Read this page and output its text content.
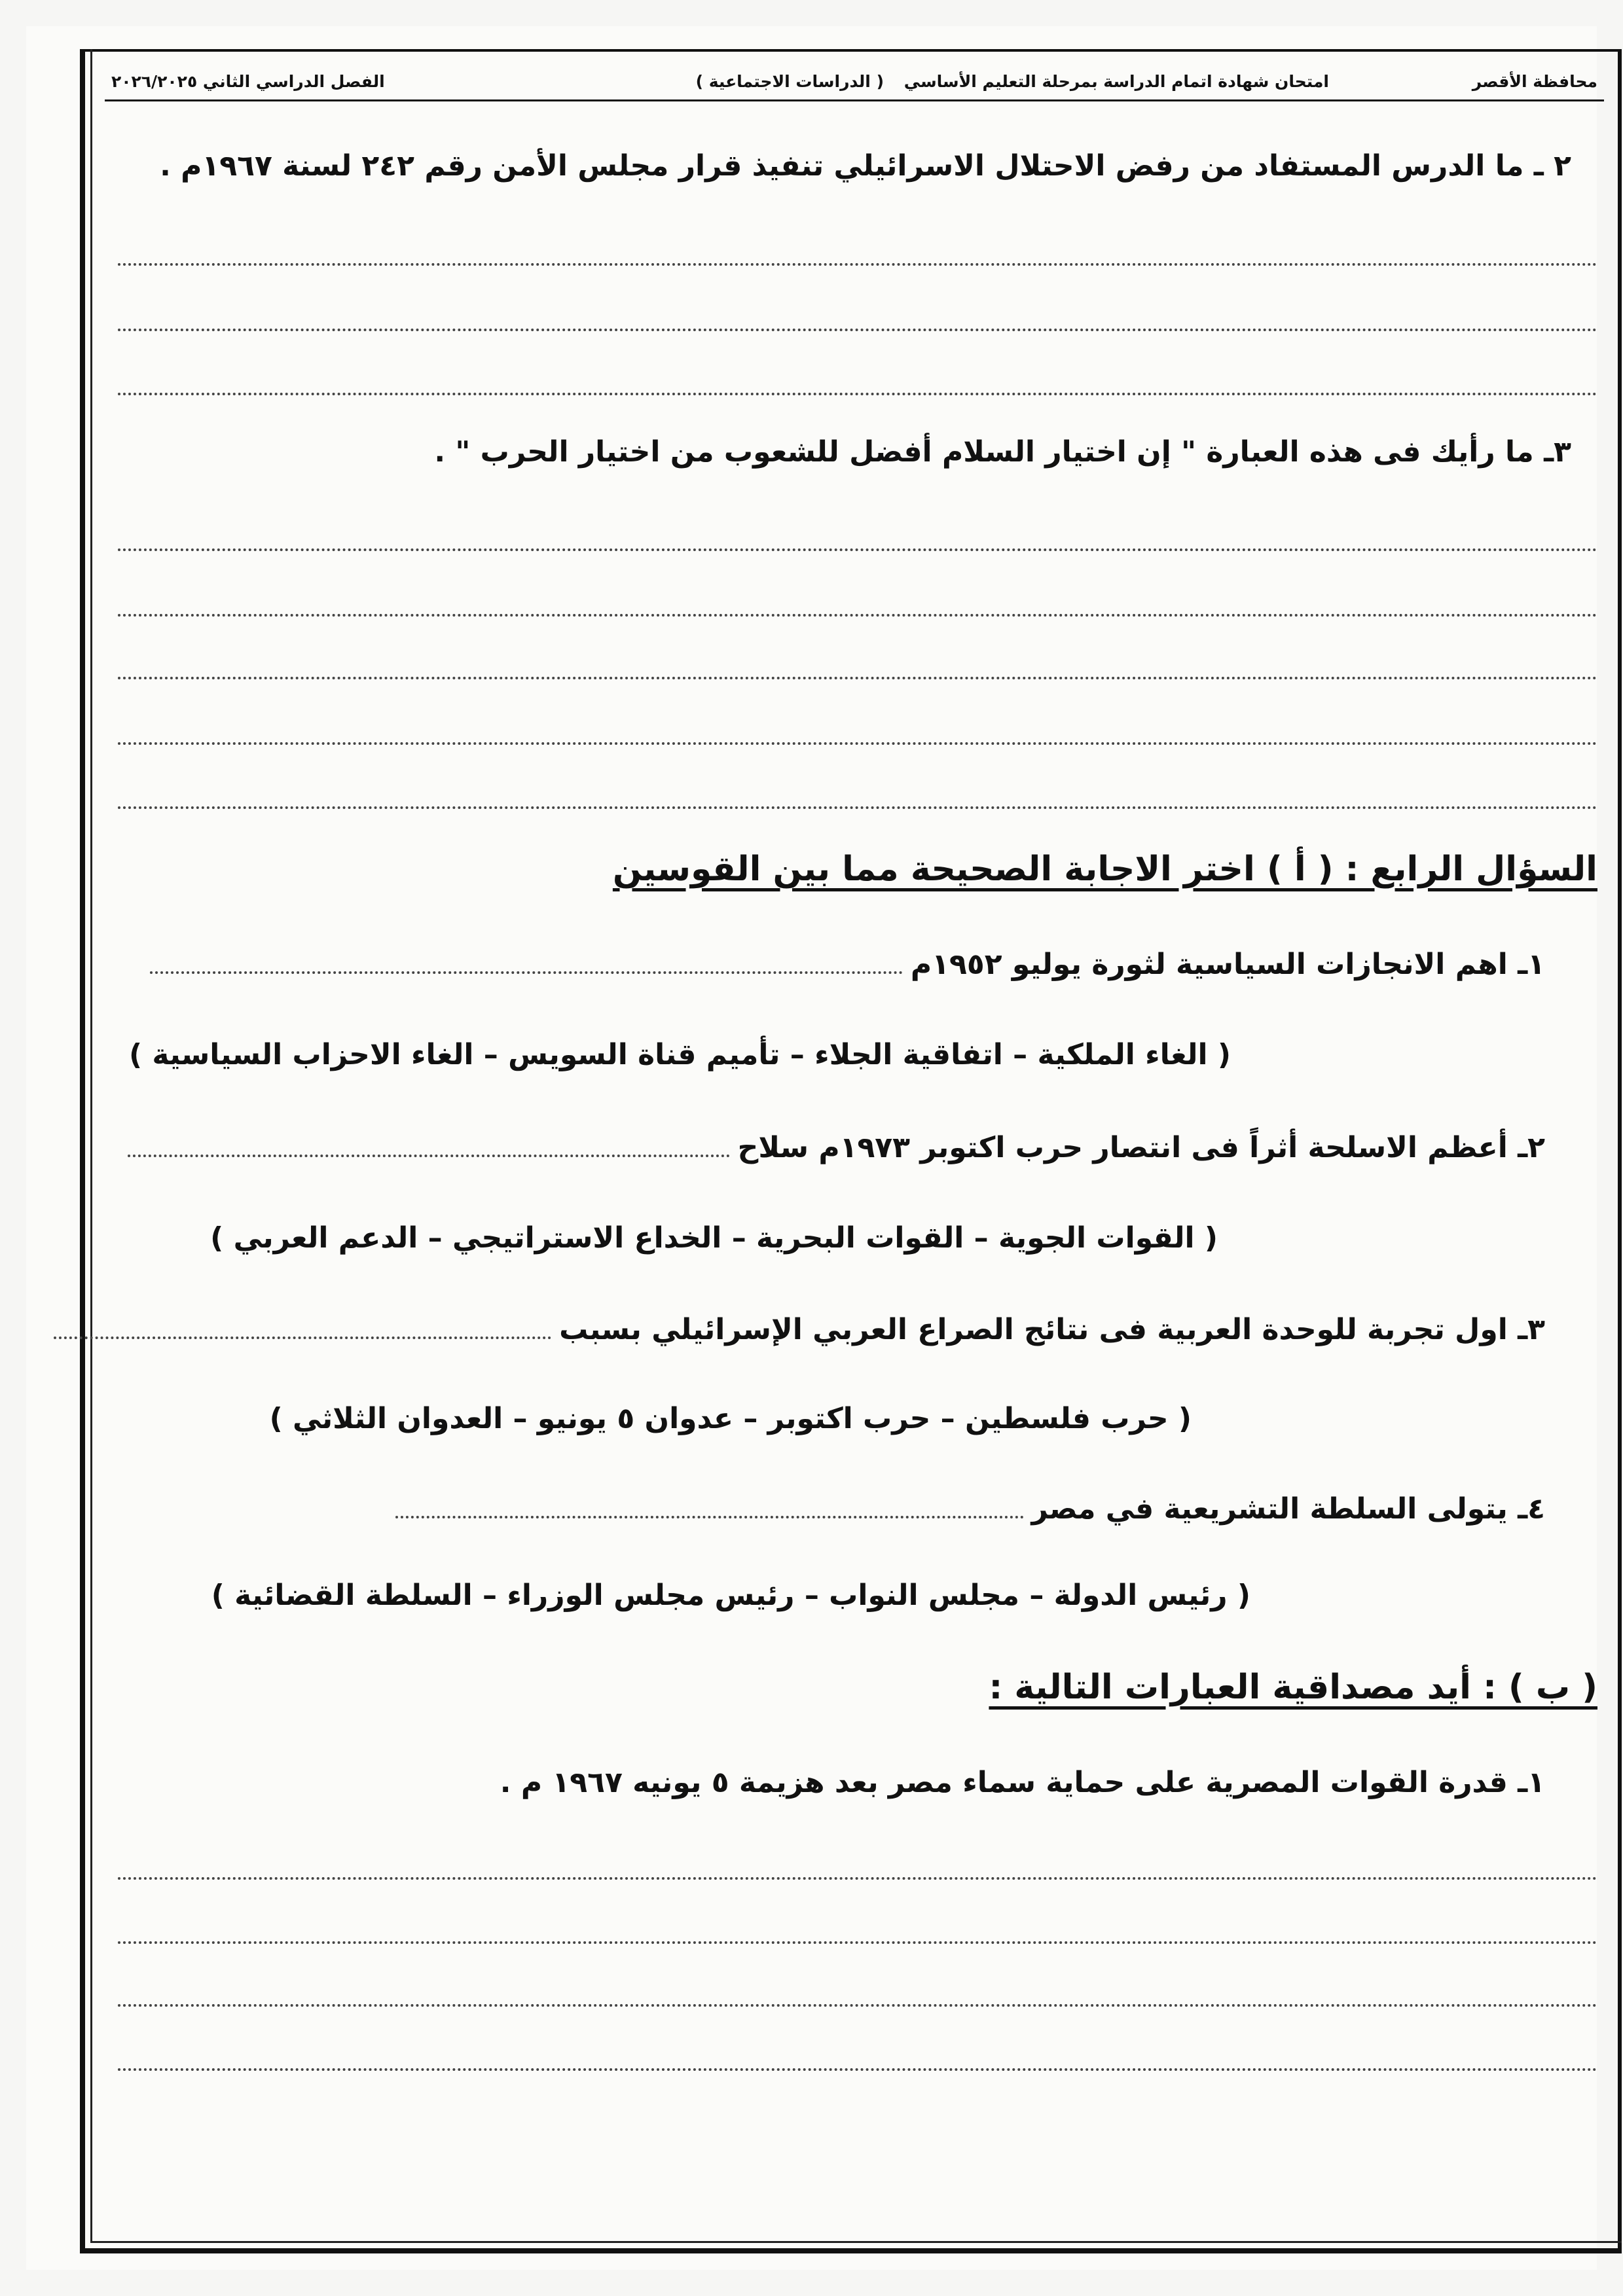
محافظة الأقصر
امتحان شهادة اتمام الدراسة بمرحلة التعليم الأساسي
( الدراسات الاجتماعية )
الفصل الدراسي الثاني ٢٠٢٦/٢٠٢٥
٢ ـ ما الدرس المستفاد من رفض الاحتلال الاسرائيلي تنفيذ قرار مجلس الأمن رقم ٢٤٢ لسنة ١٩٦٧م .
٣ـ ما رأيك فى هذه العبارة " إن اختيار السلام أفضل للشعوب من اختيار الحرب " .
السؤال الرابع : ( أ ) اختر الاجابة الصحيحة مما بين القوسين
١ـ اهم الانجازات السياسية لثورة يوليو ١٩٥٢م
( الغاء الملكية – اتفاقية الجلاء – تأميم قناة السويس – الغاء الاحزاب السياسية )
٢ـ أعظم الاسلحة أثراً فى انتصار حرب اكتوبر ١٩٧٣م سلاح
( القوات الجوية – القوات البحرية – الخداع الاستراتيجي – الدعم العربي )
٣ـ اول تجربة للوحدة العربية فى نتائج الصراع العربي الإسرائيلي بسبب
( حرب فلسطين – حرب اكتوبر – عدوان ٥ يونيو – العدوان الثلاثي )
٤ـ يتولى السلطة التشريعية في مصر
( رئيس الدولة – مجلس النواب – رئيس مجلس الوزراء – السلطة القضائية )
( ب ) : أيد مصداقية العبارات التالية :
١ـ قدرة القوات المصرية على حماية سماء مصر بعد هزيمة ٥ يونيه ١٩٦٧ م .
